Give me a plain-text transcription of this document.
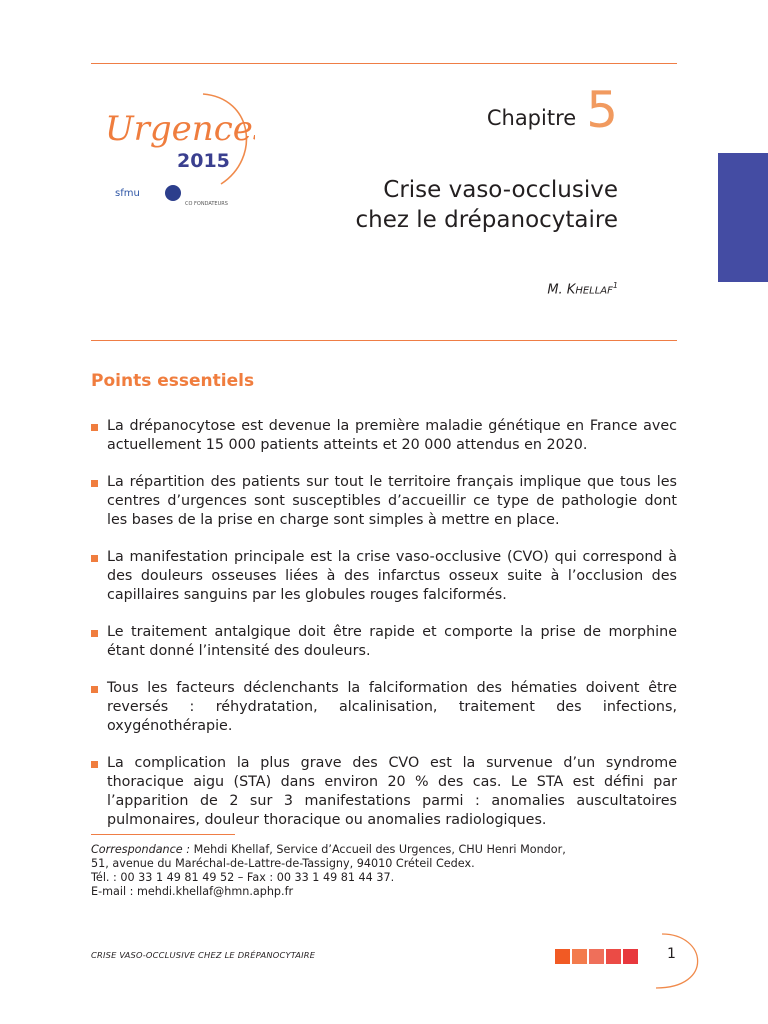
Urgences
2015
sfmu
CO FONDATEURS
Chapitre 5
Crise vaso-occlusive
chez le drépanocytaire
M. KHELLAF$^1$
Points essentiels
La drépanocytose est devenue la première maladie génétique en France avec actuellement 15 000 patients atteints et 20 000 attendus en 2020.
La répartition des patients sur tout le territoire français implique que tous les centres d’urgences sont susceptibles d’accueillir ce type de pathologie dont les bases de la prise en charge sont simples à mettre en place.
La manifestation principale est la crise vaso-occlusive (CVO) qui correspond à des douleurs osseuses liées à des infarctus osseux suite à l’occlusion des capillaires sanguins par les globules rouges falciformés.
Le traitement antalgique doit être rapide et comporte la prise de morphine étant donné l’intensité des douleurs.
Tous les facteurs déclenchants la falciformation des hématies doivent être reversés : réhydratation, alcalinisation, traitement des infections, oxygénothérapie.
La complication la plus grave des CVO est la survenue d’un syndrome thoracique aigu (STA) dans environ 20 % des cas. Le STA est défini par l’apparition de 2 sur 3 manifestations parmi : anomalies auscultatoires pulmonaires, douleur thoracique ou anomalies radiologiques.
Correspondance : Mehdi Khellaf, Service d’Accueil des Urgences, CHU Henri Mondor,
51, avenue du Maréchal-de-Lattre-de-Tassigny, 94010 Créteil Cedex.
Tél. : 00 33 1 49 81 49 52 – Fax : 00 33 1 49 81 44 37.
E-mail : mehdi.khellaf@hmn.aphp.fr
CRISE VASO-OCCLUSIVE CHEZ LE DRÉPANOCYTAIRE	1
